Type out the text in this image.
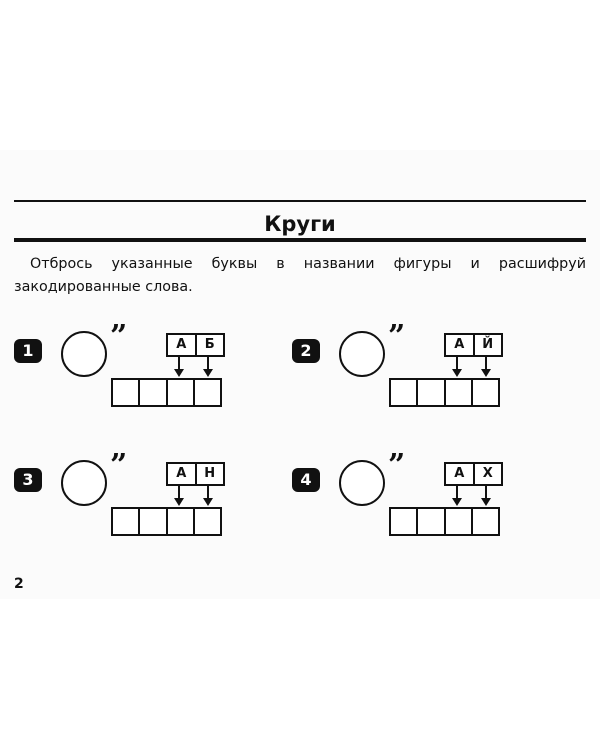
Круги
Отбрось указанные буквы в названии фигуры и расшифруй закодированные слова.
1	”	А	Б	2	”	А	Й
3	”	А	Н	4	”	А	Х
2
